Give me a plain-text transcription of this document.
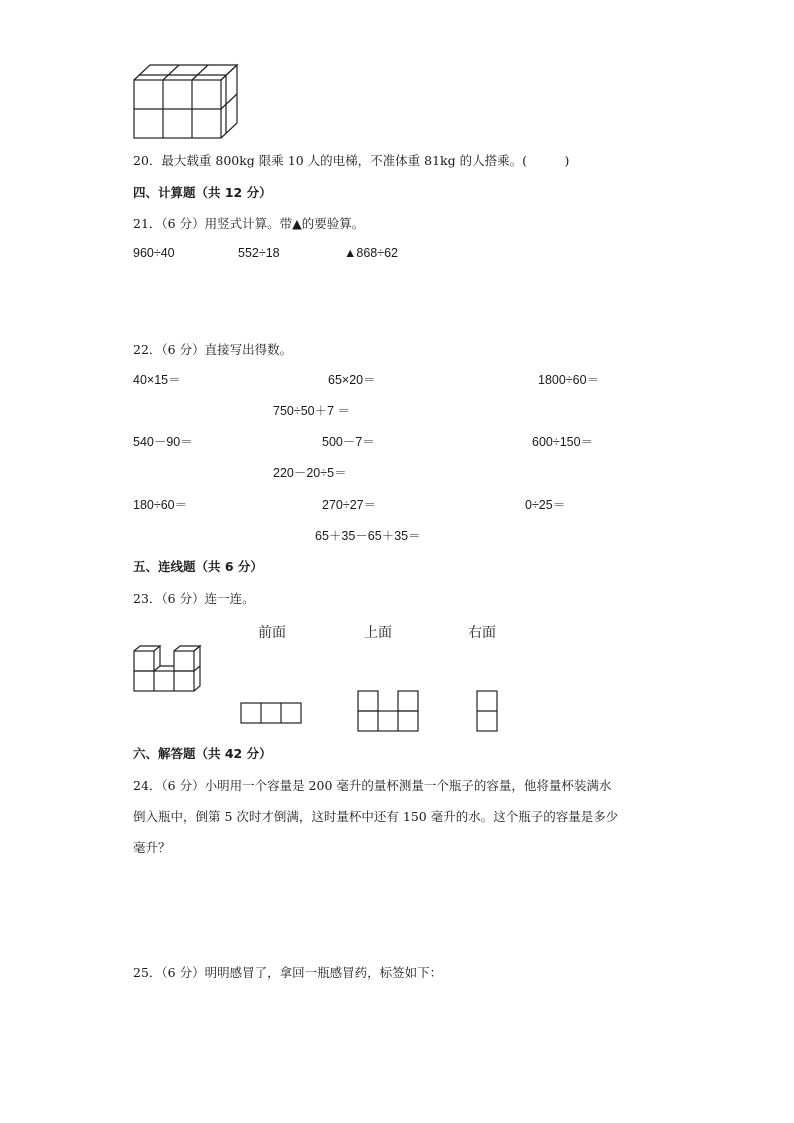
20．最大载重 800kg 限乘 10 人的电梯，不准体重 81kg 的人搭乘。(　　　)
四、计算题（共 12 分）
21．（6 分）用竖式计算。带▲的要验算。
960÷40	552÷18	▲868÷62
22．（6 分）直接写出得数。
40×15＝	65×20＝	1800÷60＝
750÷50＋7 ＝
540－90＝	500－7＝	600÷150＝
220－20÷5＝
180÷60＝	270÷27＝	0÷25＝
65＋35－65＋35＝
五、连线题（共 6 分）
23．（6 分）连一连。
前面	上面	右面
六、解答题（共 42 分）
24．（6 分）小明用一个容量是 200 毫升的量杯测量一个瓶子的容量，他将量杯装满水
倒入瓶中，倒第 5 次时才倒满，这时量杯中还有 150 毫升的水。这个瓶子的容量是多少
毫升？
25．（6 分）明明感冒了，拿回一瓶感冒药，标签如下：
